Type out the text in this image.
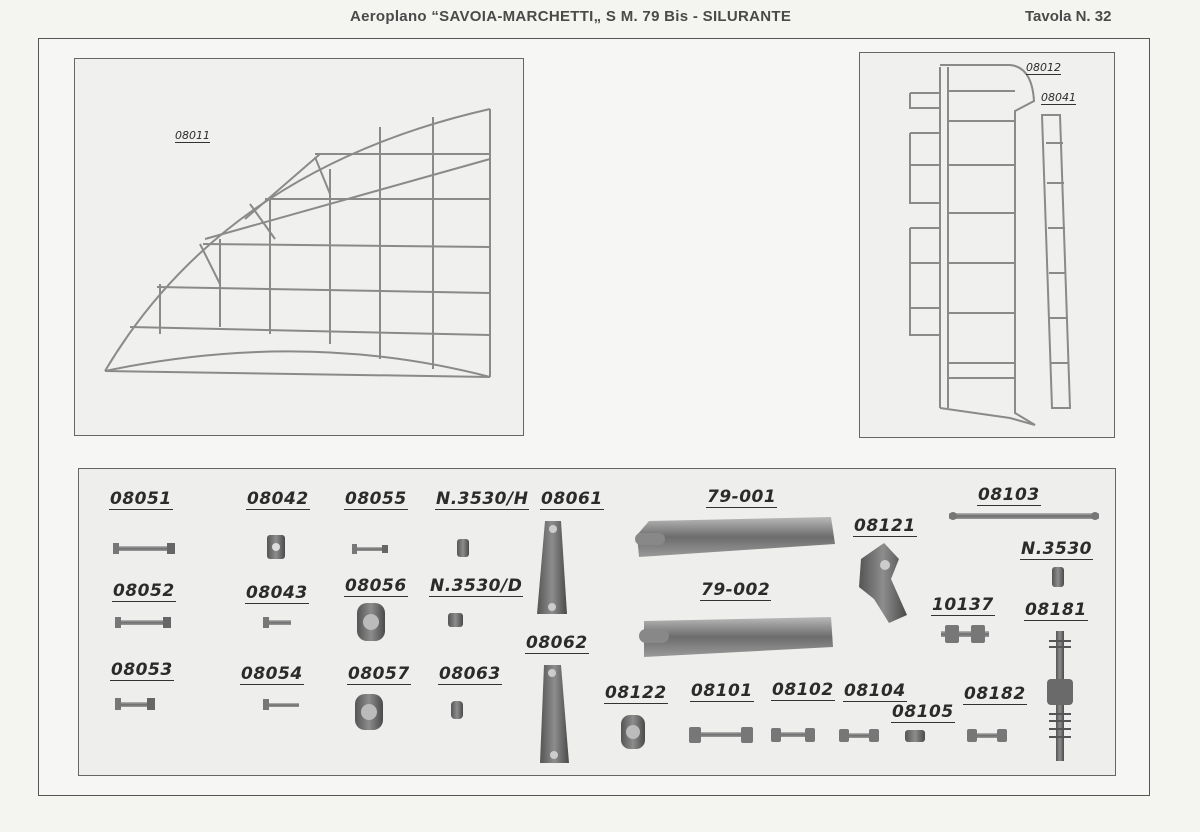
Aeroplano “SAVOIA-MARCHETTI„ S M. 79 Bis - SILURANTE	Tavola N. 32
08011
08012
08041
08051	08042 08055 N.3530/H 08061	79-001	08103
08121
N.3530
08052	08043 08056 N.3530/D	79-002
10137 08181
08062
08053	08054	08057 08063
08122 08101 08102 08104
08105
08182
